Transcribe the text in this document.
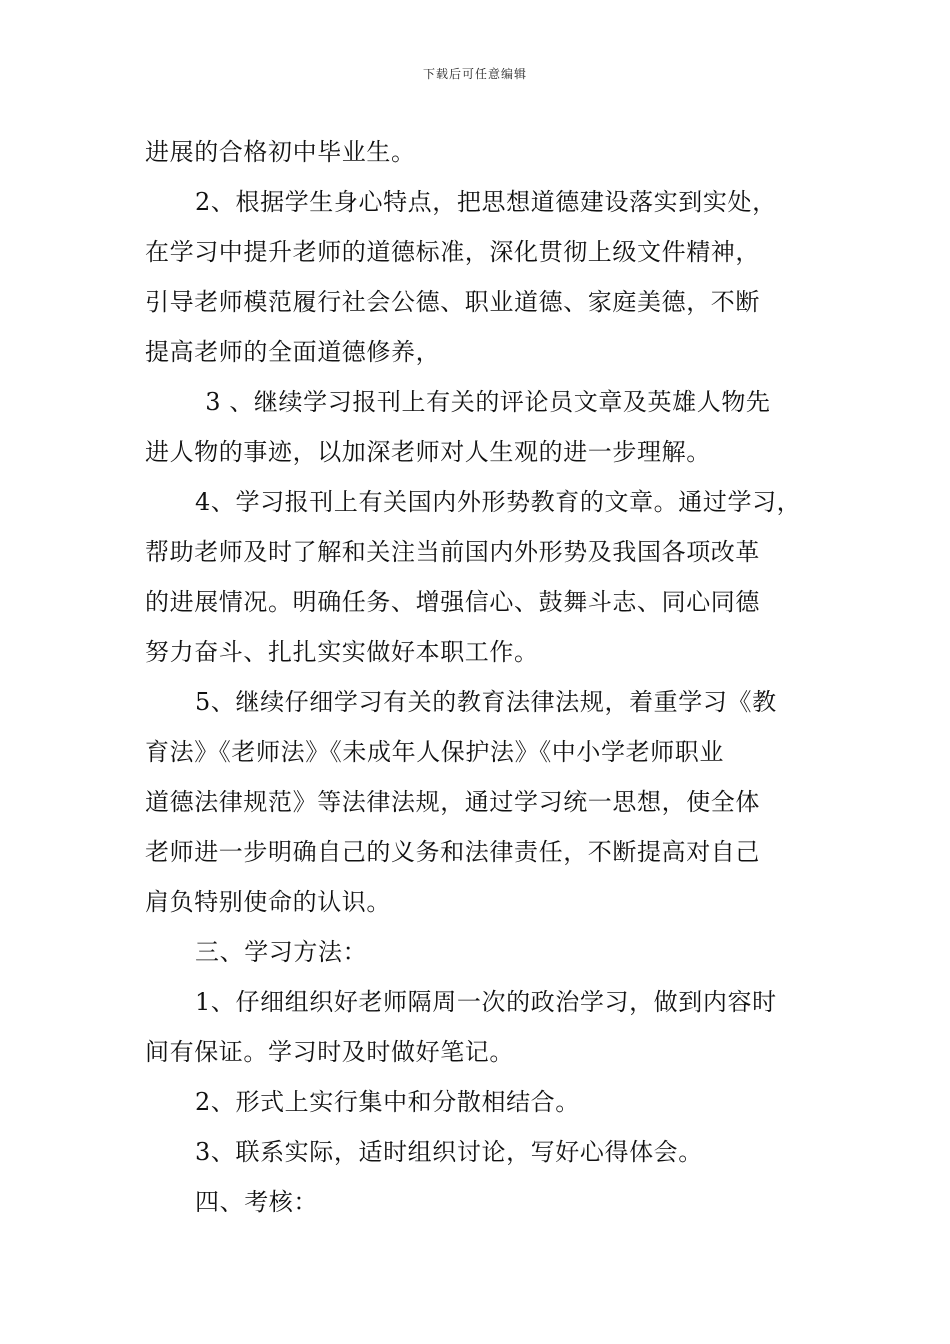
下载后可任意编辑
进展的合格初中毕业生。
2、根据学生身心特点，把思想道德建设落实到实处，
在学习中提升老师的道德标准，深化贯彻上级文件精神，
引导老师模范履行社会公德、职业道德、家庭美德，不断
提高老师的全面道德修养，
3 、继续学习报刊上有关的评论员文章及英雄人物先
进人物的事迹，以加深老师对人生观的进一步理解。
4、学习报刊上有关国内外形势教育的文章。通过学习，
帮助老师及时了解和关注当前国内外形势及我国各项改革
的进展情况。明确任务、增强信心、鼓舞斗志、同心同德
努力奋斗、扎扎实实做好本职工作。
5、继续仔细学习有关的教育法律法规，着重学习《教
育法》《老师法》《未成年人保护法》《中小学老师职业
道德法律规范》等法律法规，通过学习统一思想，使全体
老师进一步明确自己的义务和法律责任，不断提高对自己
肩负特别使命的认识。
三、学习方法：
1、仔细组织好老师隔周一次的政治学习，做到内容时
间有保证。学习时及时做好笔记。
2、形式上实行集中和分散相结合。
3、联系实际，适时组织讨论，写好心得体会。
四、考核：
